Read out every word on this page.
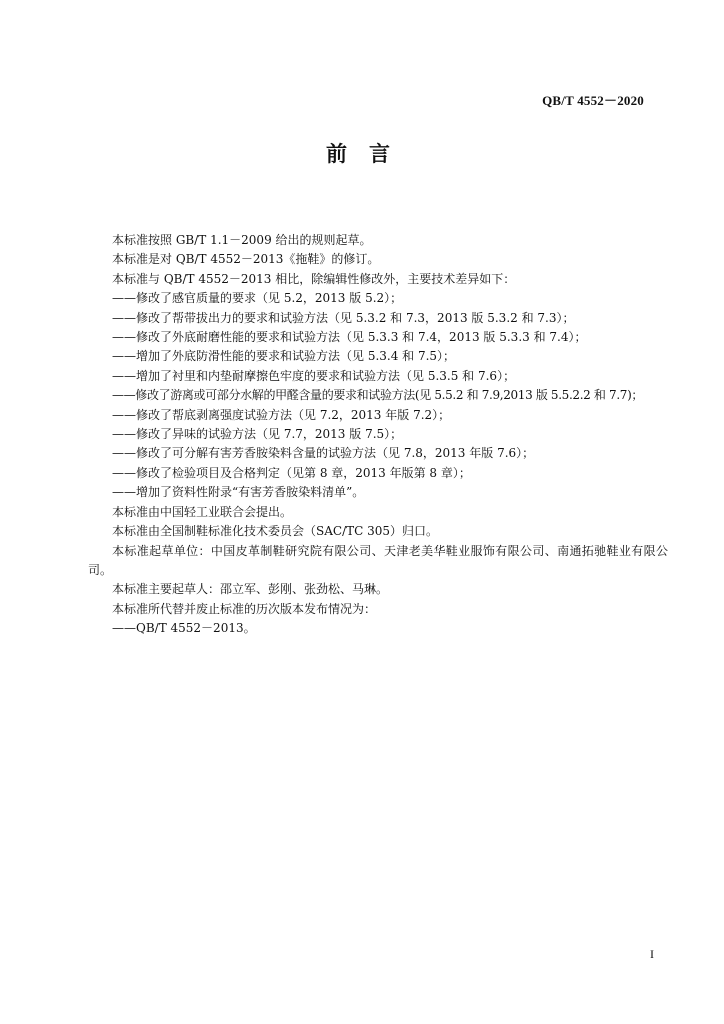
QB/T 4552－2020
前言

本标准按照 GB/T 1.1－2009 给出的规则起草。

本标准是对 QB/T 4552－2013《拖鞋》的修订。

本标准与 QB/T 4552－2013 相比，除编辑性修改外，主要技术差异如下：

——修改了感官质量的要求（见 5.2，2013 版 5.2）；

——修改了帮带拔出力的要求和试验方法（见 5.3.2 和 7.3，2013 版 5.3.2 和 7.3）；

——修改了外底耐磨性能的要求和试验方法（见 5.3.3 和 7.4，2013 版 5.3.3 和 7.4）；

——增加了外底防滑性能的要求和试验方法（见 5.3.4 和 7.5）；

——增加了衬里和内垫耐摩擦色牢度的要求和试验方法（见 5.3.5 和 7.6）；

——修改了游离或可部分水解的甲醛含量的要求和试验方法(见 5.5.2 和 7.9,2013 版 5.5.2.2 和 7.7)；

——修改了帮底剥离强度试验方法（见 7.2，2013 年版 7.2）；

——修改了异味的试验方法（见 7.7，2013 版 7.5）；

——修改了可分解有害芳香胺染料含量的试验方法（见 7.8，2013 年版 7.6）；

——修改了检验项目及合格判定（见第 8 章，2013 年版第 8 章）；

——增加了资料性附录“有害芳香胺染料清单”。

本标准由中国轻工业联合会提出。

本标准由全国制鞋标准化技术委员会（SAC/TC 305）归口。

本标准起草单位：中国皮革制鞋研究院有限公司、天津老美华鞋业服饰有限公司、南通拓驰鞋业有限公司。

本标准主要起草人：邵立军、彭刚、张劲松、马琳。

本标准所代替并废止标准的历次版本发布情况为：

——QB/T 4552－2013。

I
